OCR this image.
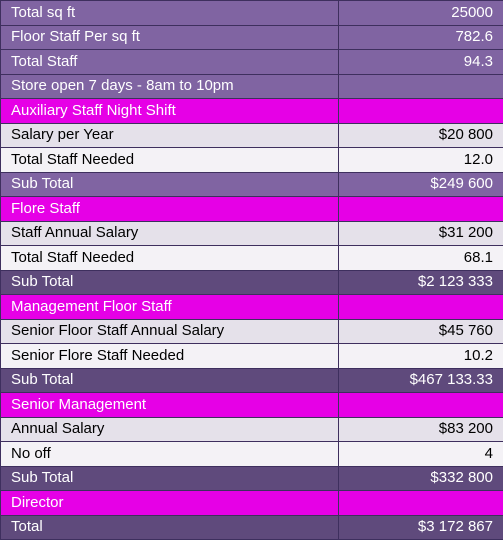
Total sq ft	25000
Floor Staff Per sq ft	782.6
Total Staff	94.3
Store open 7 days - 8am to 10pm	
Auxiliary Staff Night Shift	
Salary per Year	$20 800
Total Staff Needed	12.0
Sub Total	$249 600
Flore Staff	
Staff Annual Salary	$31 200
Total Staff Needed	68.1
Sub Total	$2 123 333
Management Floor Staff	
Senior Floor Staff Annual Salary	$45 760
Senior Flore Staff Needed	10.2
Sub Total	$467 133.33
Senior Management	
Annual Salary	$83 200
No off	4
Sub Total	$332 800
Director	
Total	$3 172 867
